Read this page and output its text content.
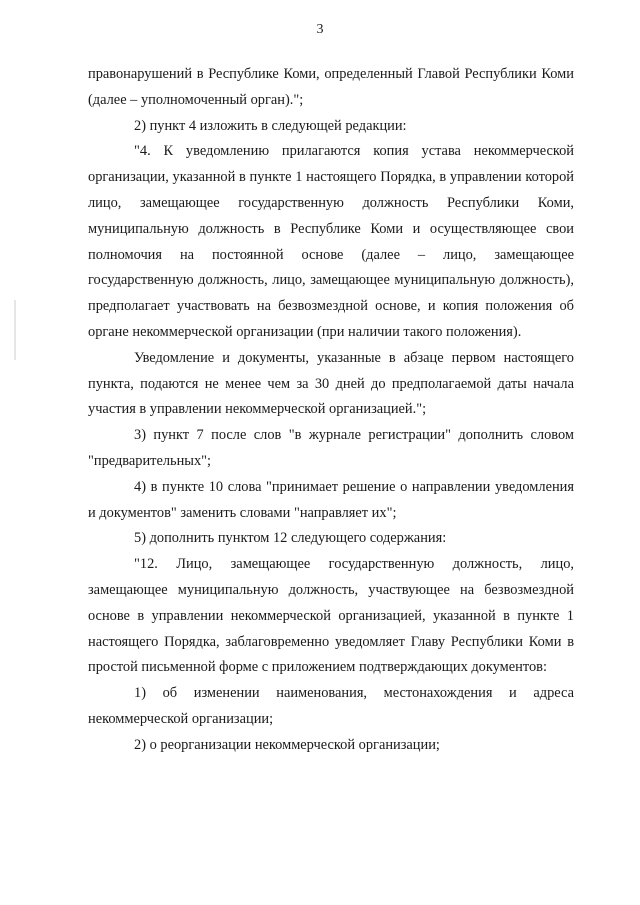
3

правонарушений в Республике Коми, определенный Главой Республики Коми (далее – уполномоченный орган).";

2) пункт 4 изложить в следующей редакции:

"4. К уведомлению прилагаются копия устава некоммерческой организации, указанной в пункте 1 настоящего Порядка, в управлении которой лицо, замещающее государственную должность Республики Коми, муниципальную должность в Республике Коми и осуществляющее свои полномочия на постоянной основе (далее – лицо, замещающее государственную должность, лицо, замещающее муниципальную должность), предполагает участвовать на безвозмездной основе, и копия положения об органе некоммерческой организации (при наличии такого положения).

Уведомление и документы, указанные в абзаце первом настоящего пункта, подаются не менее чем за 30 дней до предполагаемой даты начала участия в управлении некоммерческой организацией.";

3) пункт 7 после слов "в журнале регистрации" дополнить словом "предварительных";

4) в пункте 10 слова "принимает решение о направлении уведомления и документов" заменить словами "направляет их";

5) дополнить пунктом 12 следующего содержания:

"12. Лицо, замещающее государственную должность, лицо, замещающее муниципальную должность, участвующее на безвозмездной основе в управлении некоммерческой организацией, указанной в пункте 1 настоящего Порядка, заблаговременно уведомляет Главу Республики Коми в простой письменной форме с приложением подтверждающих документов:

1) об изменении наименования, местонахождения и адреса некоммерческой организации;

2) о реорганизации некоммерческой организации;
